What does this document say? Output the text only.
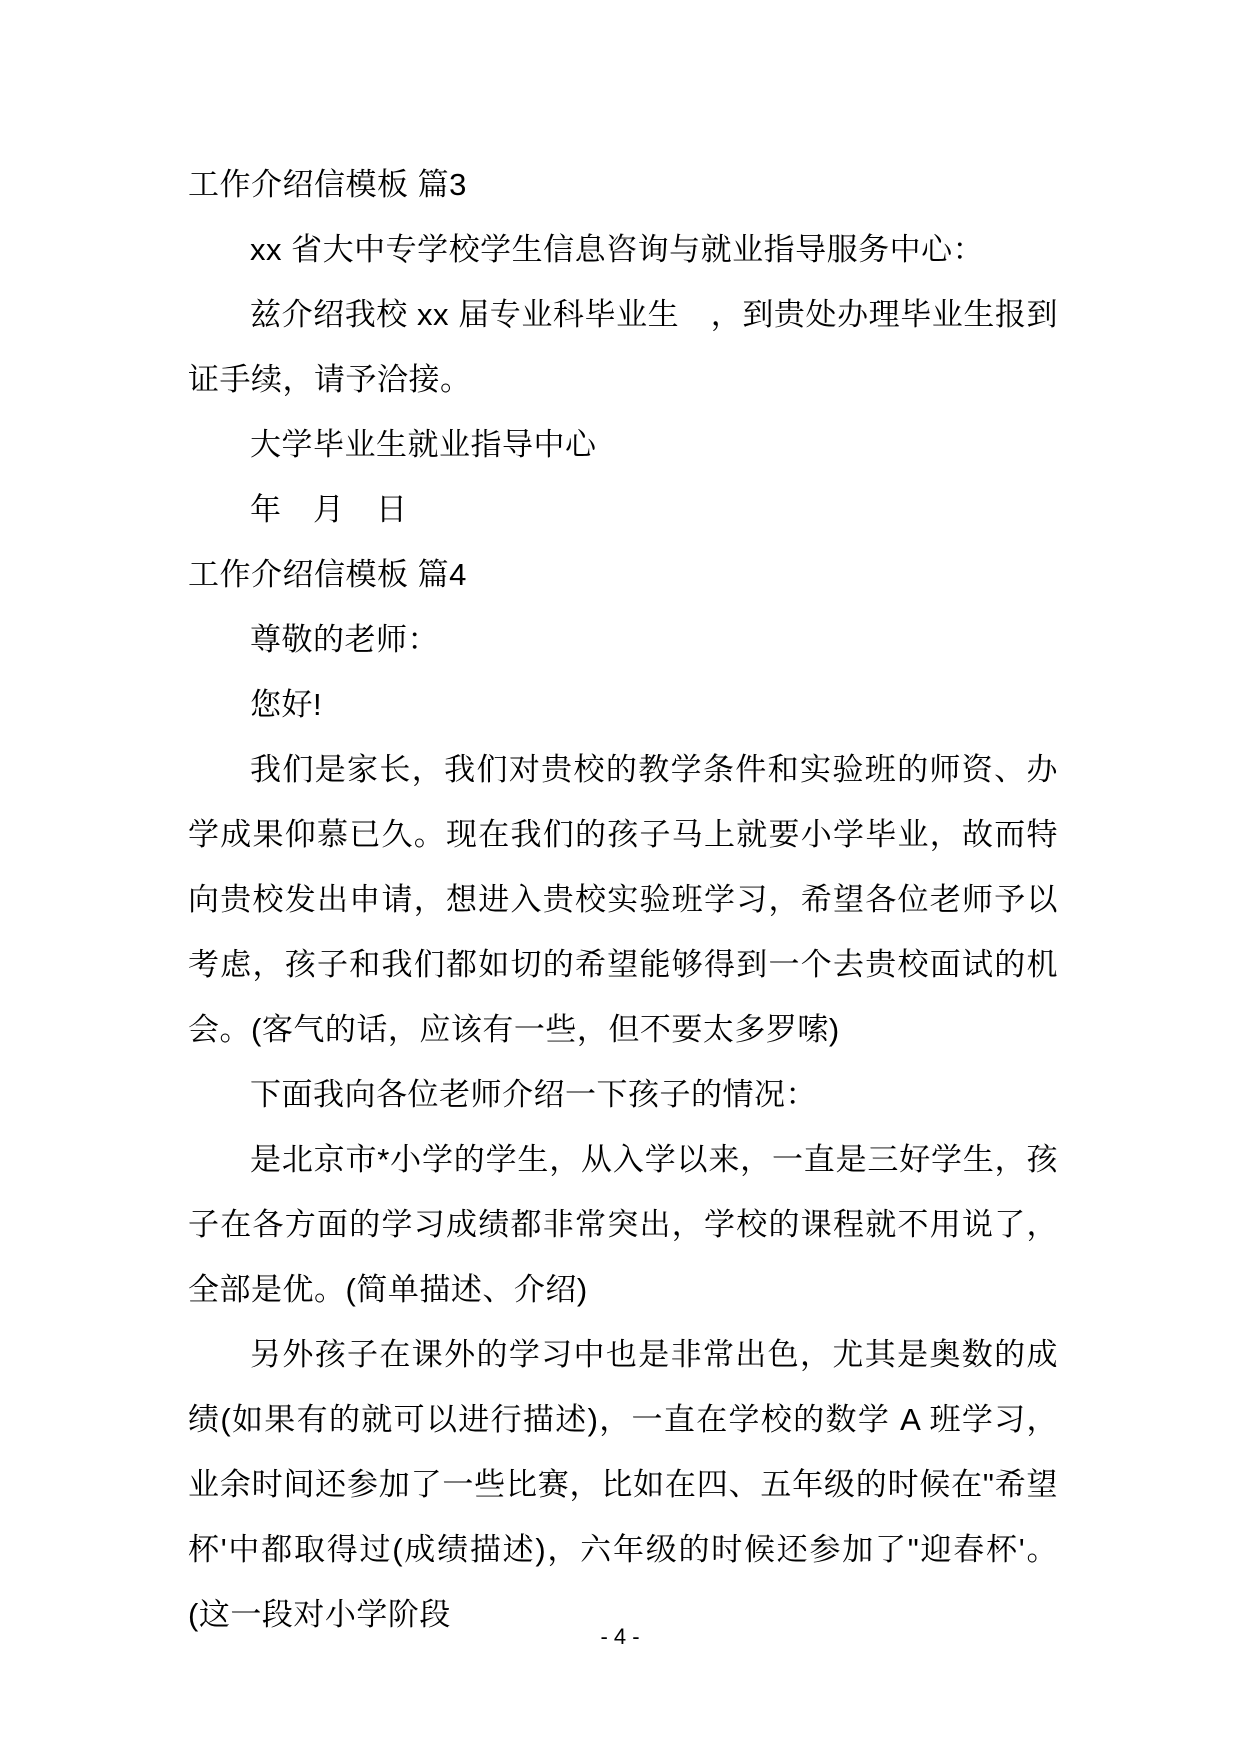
工作介绍信模板 篇3
xx 省大中专学校学生信息咨询与就业指导服务中心：
兹介绍我校 xx 届专业科毕业生　，到贵处办理毕业生报到证手续，请予洽接。
大学毕业生就业指导中心
年　月　日
工作介绍信模板 篇4
尊敬的老师：
您好!
我们是家长，我们对贵校的教学条件和实验班的师资、办学成果仰慕已久。现在我们的孩子马上就要小学毕业，故而特向贵校发出申请，想进入贵校实验班学习，希望各位老师予以考虑，孩子和我们都如切的希望能够得到一个去贵校面试的机会。(客气的话，应该有一些，但不要太多罗嗦)
下面我向各位老师介绍一下孩子的情况：
是北京市*小学的学生，从入学以来，一直是三好学生，孩子在各方面的学习成绩都非常突出，学校的课程就不用说了，全部是优。(简单描述、介绍)
另外孩子在课外的学习中也是非常出色，尤其是奥数的成绩(如果有的就可以进行描述)，一直在学校的数学 A 班学习，业余时间还参加了一些比赛，比如在四、五年级的时候在"希望杯'中都取得过(成绩描述)，六年级的时候还参加了"迎春杯'。(这一段对小学阶段
- 4 -
